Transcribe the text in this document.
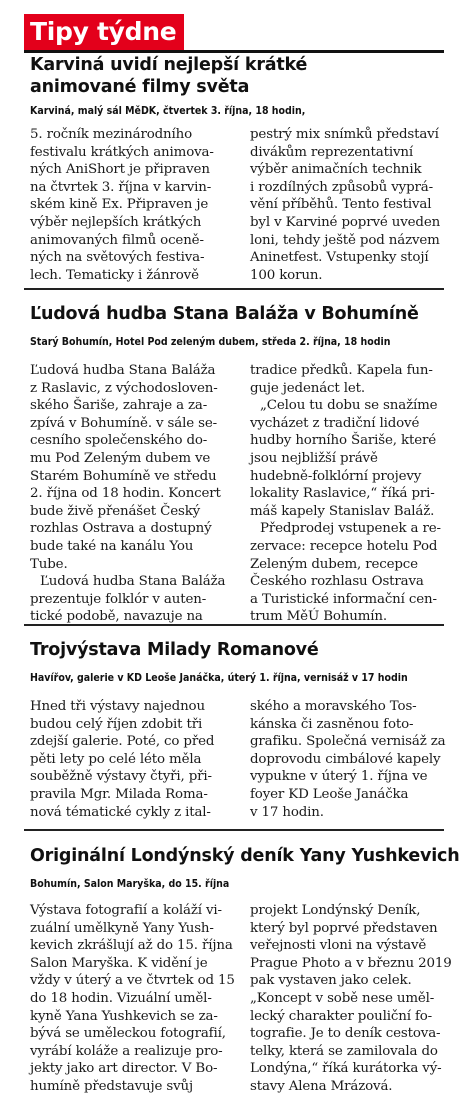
Tipy týdne
Karviná uvidí nejlepší krátké
animované filmy světa
Karviná, malý sál MěDK, čtvertek 3. října, 18 hodin,
5. ročník mezinárodního
festivalu krátkých animova-
ných AniShort je připraven
na čtvrtek 3. října v karvin-
ském kině Ex. Připraven je
výběr nejlepších krátkých
animovaných filmů oceně-
ných na světových festiva-
lech. Tematicky i žánrově
pestrý mix snímků představí
divákům reprezentativní
výběr animačních technik
i rozdílných způsobů vyprá-
vění příběhů. Tento festival
byl v Karviné poprvé uveden
loni, tehdy ještě pod názvem
Aninetfest. Vstupenky stojí
100 korun.
Ľudová hudba Stana Baláža v Bohumíně
Starý Bohumín, Hotel Pod zeleným dubem, středa 2. října, 18 hodin
Ľudová hudba Stana Baláža
z Raslavic, z východosloven-
ského Šariše, zahraje a za-
zpívá v Bohumíně. v sále se-
cesního společenského do-
mu Pod Zeleným dubem ve
Starém Bohumíně ve středu
2. října od 18 hodin. Koncert
bude živě přenášet Český
rozhlas Ostrava a dostupný
bude také na kanálu You
Tube.
Ľudová hudba Stana Baláža
prezentuje folklór v auten-
tické podobě, navazuje na
tradice předků. Kapela fun-
guje jedenáct let.
„Celou tu dobu se snažíme
vycházet z tradiční lidové
hudby horního Šariše, které
jsou nejbližší právě
hudebně-folklórní projevy
lokality Raslavice,“ říká pri-
máš kapely Stanislav Baláž.
Předprodej vstupenek a re-
zervace: recepce hotelu Pod
Zeleným dubem, recepce
Českého rozhlasu Ostrava
a Turistické informační cen-
trum MěÚ Bohumín.
Trojvýstava Milady Romanové
Havířov, galerie v KD Leoše Janáčka, úterý 1. října, vernisáž v 17 hodin
Hned tři výstavy najednou
budou celý říjen zdobit tři
zdejší galerie. Poté, co před
pěti lety po celé léto měla
souběžně výstavy čtyři, při-
pravila Mgr. Milada Roma-
nová tématické cykly z ital-
ského a moravského Tos-
kánska či zasněnou foto-
grafiku. Společná vernisáž za
doprovodu cimbálové kapely
vypukne v úterý 1. října ve
foyer KD Leoše Janáčka
v 17 hodin.
Originální Londýnský deník Yany Yushkevich
Bohumín, Salon Maryška, do 15. října
Výstava fotografií a koláží vi-
zuální umělkyně Yany Yush-
kevich zkrášlují až do 15. října
Salon Maryška. K vidění je
vždy v úterý a ve čtvrtek od 15
do 18 hodin. Vizuální uměl-
kyně Yana Yushkevich se za-
bývá se uměleckou fotografií,
vyrábí koláže a realizuje pro-
jekty jako art director. V Bo-
humíně představuje svůj
projekt Londýnský Deník,
který byl poprvé představen
veřejnosti vloni na výstavě
Prague Photo a v březnu 2019
pak vystaven jako celek.
„Koncept v sobě nese uměl-
lecký charakter pouliční fo-
tografie. Je to deník cestova-
telky, která se zamilovala do
Londýna,“ říká kurátorka vý-
stavy Alena Mrázová.
